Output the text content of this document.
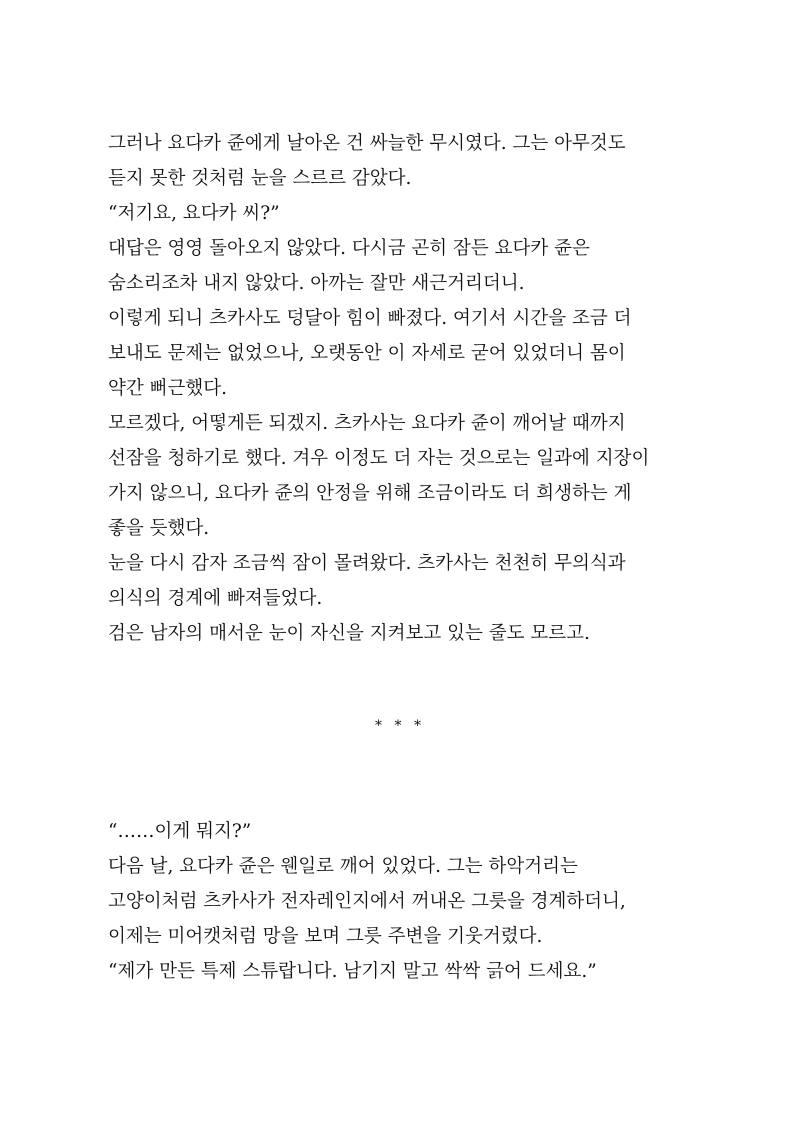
그러나 요다카 쥰에게 날아온 건 싸늘한 무시였다. 그는 아무것도
듣지 못한 것처럼 눈을 스르르 감았다.
“저기요, 요다카 씨?”
대답은 영영 돌아오지 않았다. 다시금 곤히 잠든 요다카 쥰은
숨소리조차 내지 않았다. 아까는 잘만 새근거리더니.
이렇게 되니 츠카사도 덩달아 힘이 빠졌다. 여기서 시간을 조금 더
보내도 문제는 없었으나, 오랫동안 이 자세로 굳어 있었더니 몸이
약간 뻐근했다.
모르겠다, 어떻게든 되겠지. 츠카사는 요다카 쥰이 깨어날 때까지
선잠을 청하기로 했다. 겨우 이정도 더 자는 것으로는 일과에 지장이
가지 않으니, 요다카 쥰의 안정을 위해 조금이라도 더 희생하는 게
좋을 듯했다.
눈을 다시 감자 조금씩 잠이 몰려왔다. 츠카사는 천천히 무의식과
의식의 경계에 빠져들었다.
검은 남자의 매서운 눈이 자신을 지켜보고 있는 줄도 모르고.
* * *
“……이게 뭐지?”
다음 날, 요다카 쥰은 웬일로 깨어 있었다. 그는 하악거리는
고양이처럼 츠카사가 전자레인지에서 꺼내온 그릇을 경계하더니,
이제는 미어캣처럼 망을 보며 그릇 주변을 기웃거렸다.
“제가 만든 특제 스튜랍니다. 남기지 말고 싹싹 긁어 드세요.”
